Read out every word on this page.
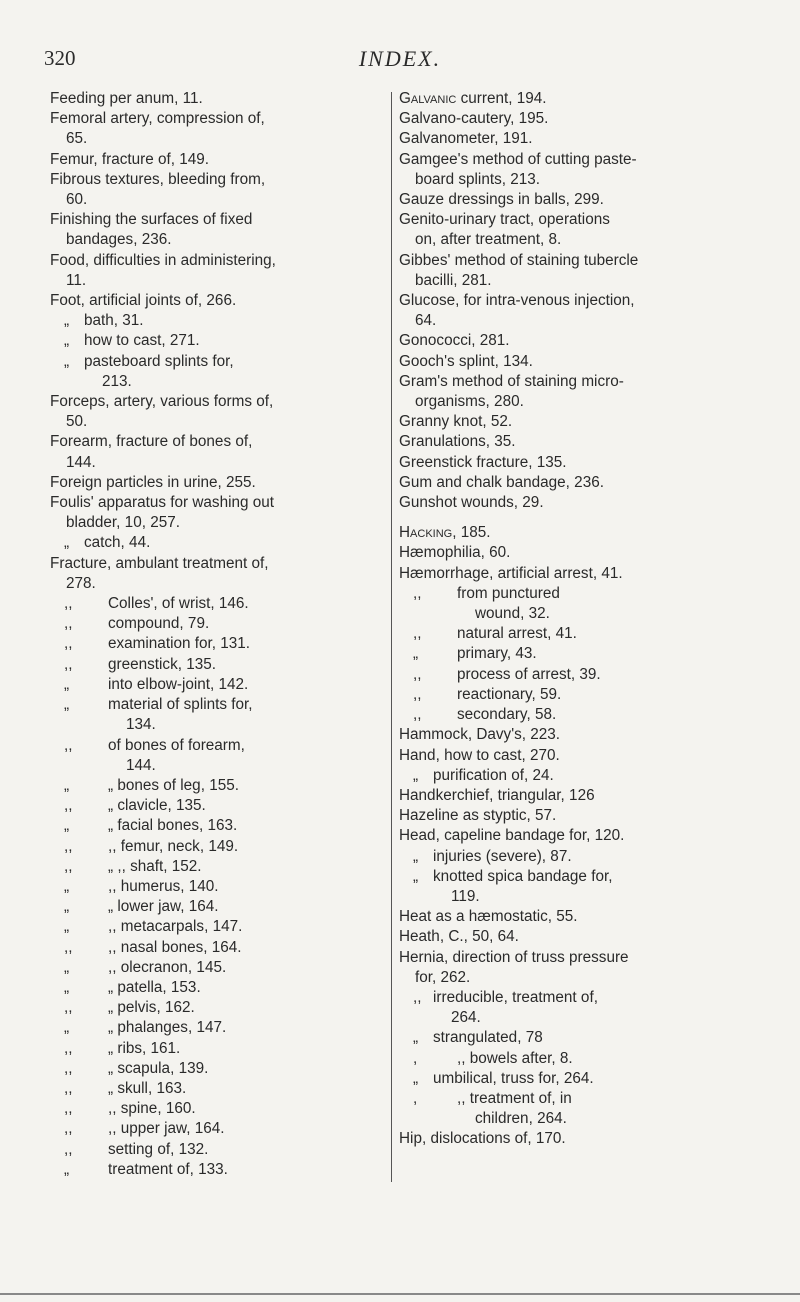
320	INDEX.
Feeding per anum, 11.
Femoral artery, compression of,
65.
Femur, fracture of, 149.
Fibrous textures, bleeding from,
60.
Finishing the surfaces of fixed
bandages, 236.
Food, difficulties in administering,
11.
Foot, artificial joints of, 266.
„ bath, 31.
„ how to cast, 271.
„ pasteboard splints for,
213.
Forceps, artery, various forms of,
50.
Forearm, fracture of bones of,
144.
Foreign particles in urine, 255.
Foulis' apparatus for washing out
bladder, 10, 257.
„ catch, 44.
Fracture, ambulant treatment of,
278.
,, Colles', of wrist, 146.
,, compound, 79.
,, examination for, 131.
,, greenstick, 135.
„	into elbow-joint, 142.
„	material of splints for,
134.
,, of bones of forearm,
144.
„	„ bones of leg, 155.
,, „ clavicle, 135.
„	„ facial bones, 163.
,, ,, femur, neck, 149.
,, „ ,, shaft, 152.
„	,, humerus, 140.
„	„ lower jaw, 164.
„	,, metacarpals, 147.
,, ,, nasal bones, 164.
„	,, olecranon, 145.
„	„ patella, 153.
,, „ pelvis, 162.
„	„ phalanges, 147.
,, „ ribs, 161.
,, „ scapula, 139.
,, „ skull, 163.
,, ,, spine, 160.
,, ,, upper jaw, 164.
,, setting of, 132.
„	treatment of, 133.
Galvanic current, 194.
Galvano-cautery, 195.
Galvanometer, 191.
Gamgee's method of cutting paste-
board splints, 213.
Gauze dressings in balls, 299.
Genito-urinary tract, operations
on, after treatment, 8.
Gibbes' method of staining tubercle
bacilli, 281.
Glucose, for intra-venous injection,
64.
Gonococci, 281.
Gooch's splint, 134.
Gram's method of staining micro-
organisms, 280.
Granny knot, 52.
Granulations, 35.
Greenstick fracture, 135.
Gum and chalk bandage, 236.
Gunshot wounds, 29.
Hacking, 185.
Hæmophilia, 60.
Hæmorrhage, artificial arrest, 41.
,, from punctured
wound, 32.
,, natural arrest, 41.
„	primary, 43.
,, process of arrest, 39.
,, reactionary, 59.
,, secondary, 58.
Hammock, Davy's, 223.
Hand, how to cast, 270.
„ purification of, 24.
Handkerchief, triangular, 126
Hazeline as styptic, 57.
Head, capeline bandage for, 120.
„ injuries (severe), 87.
„ knotted spica bandage for,
119.
Heat as a hæmostatic, 55.
Heath, C., 50, 64.
Hernia, direction of truss pressure
for, 262.
,, irreducible, treatment of,
264.
„ strangulated, 78
,	,, bowels after, 8.
„ umbilical, truss for, 264.
,	,, treatment of, in
children, 264.
Hip, dislocations of, 170.
